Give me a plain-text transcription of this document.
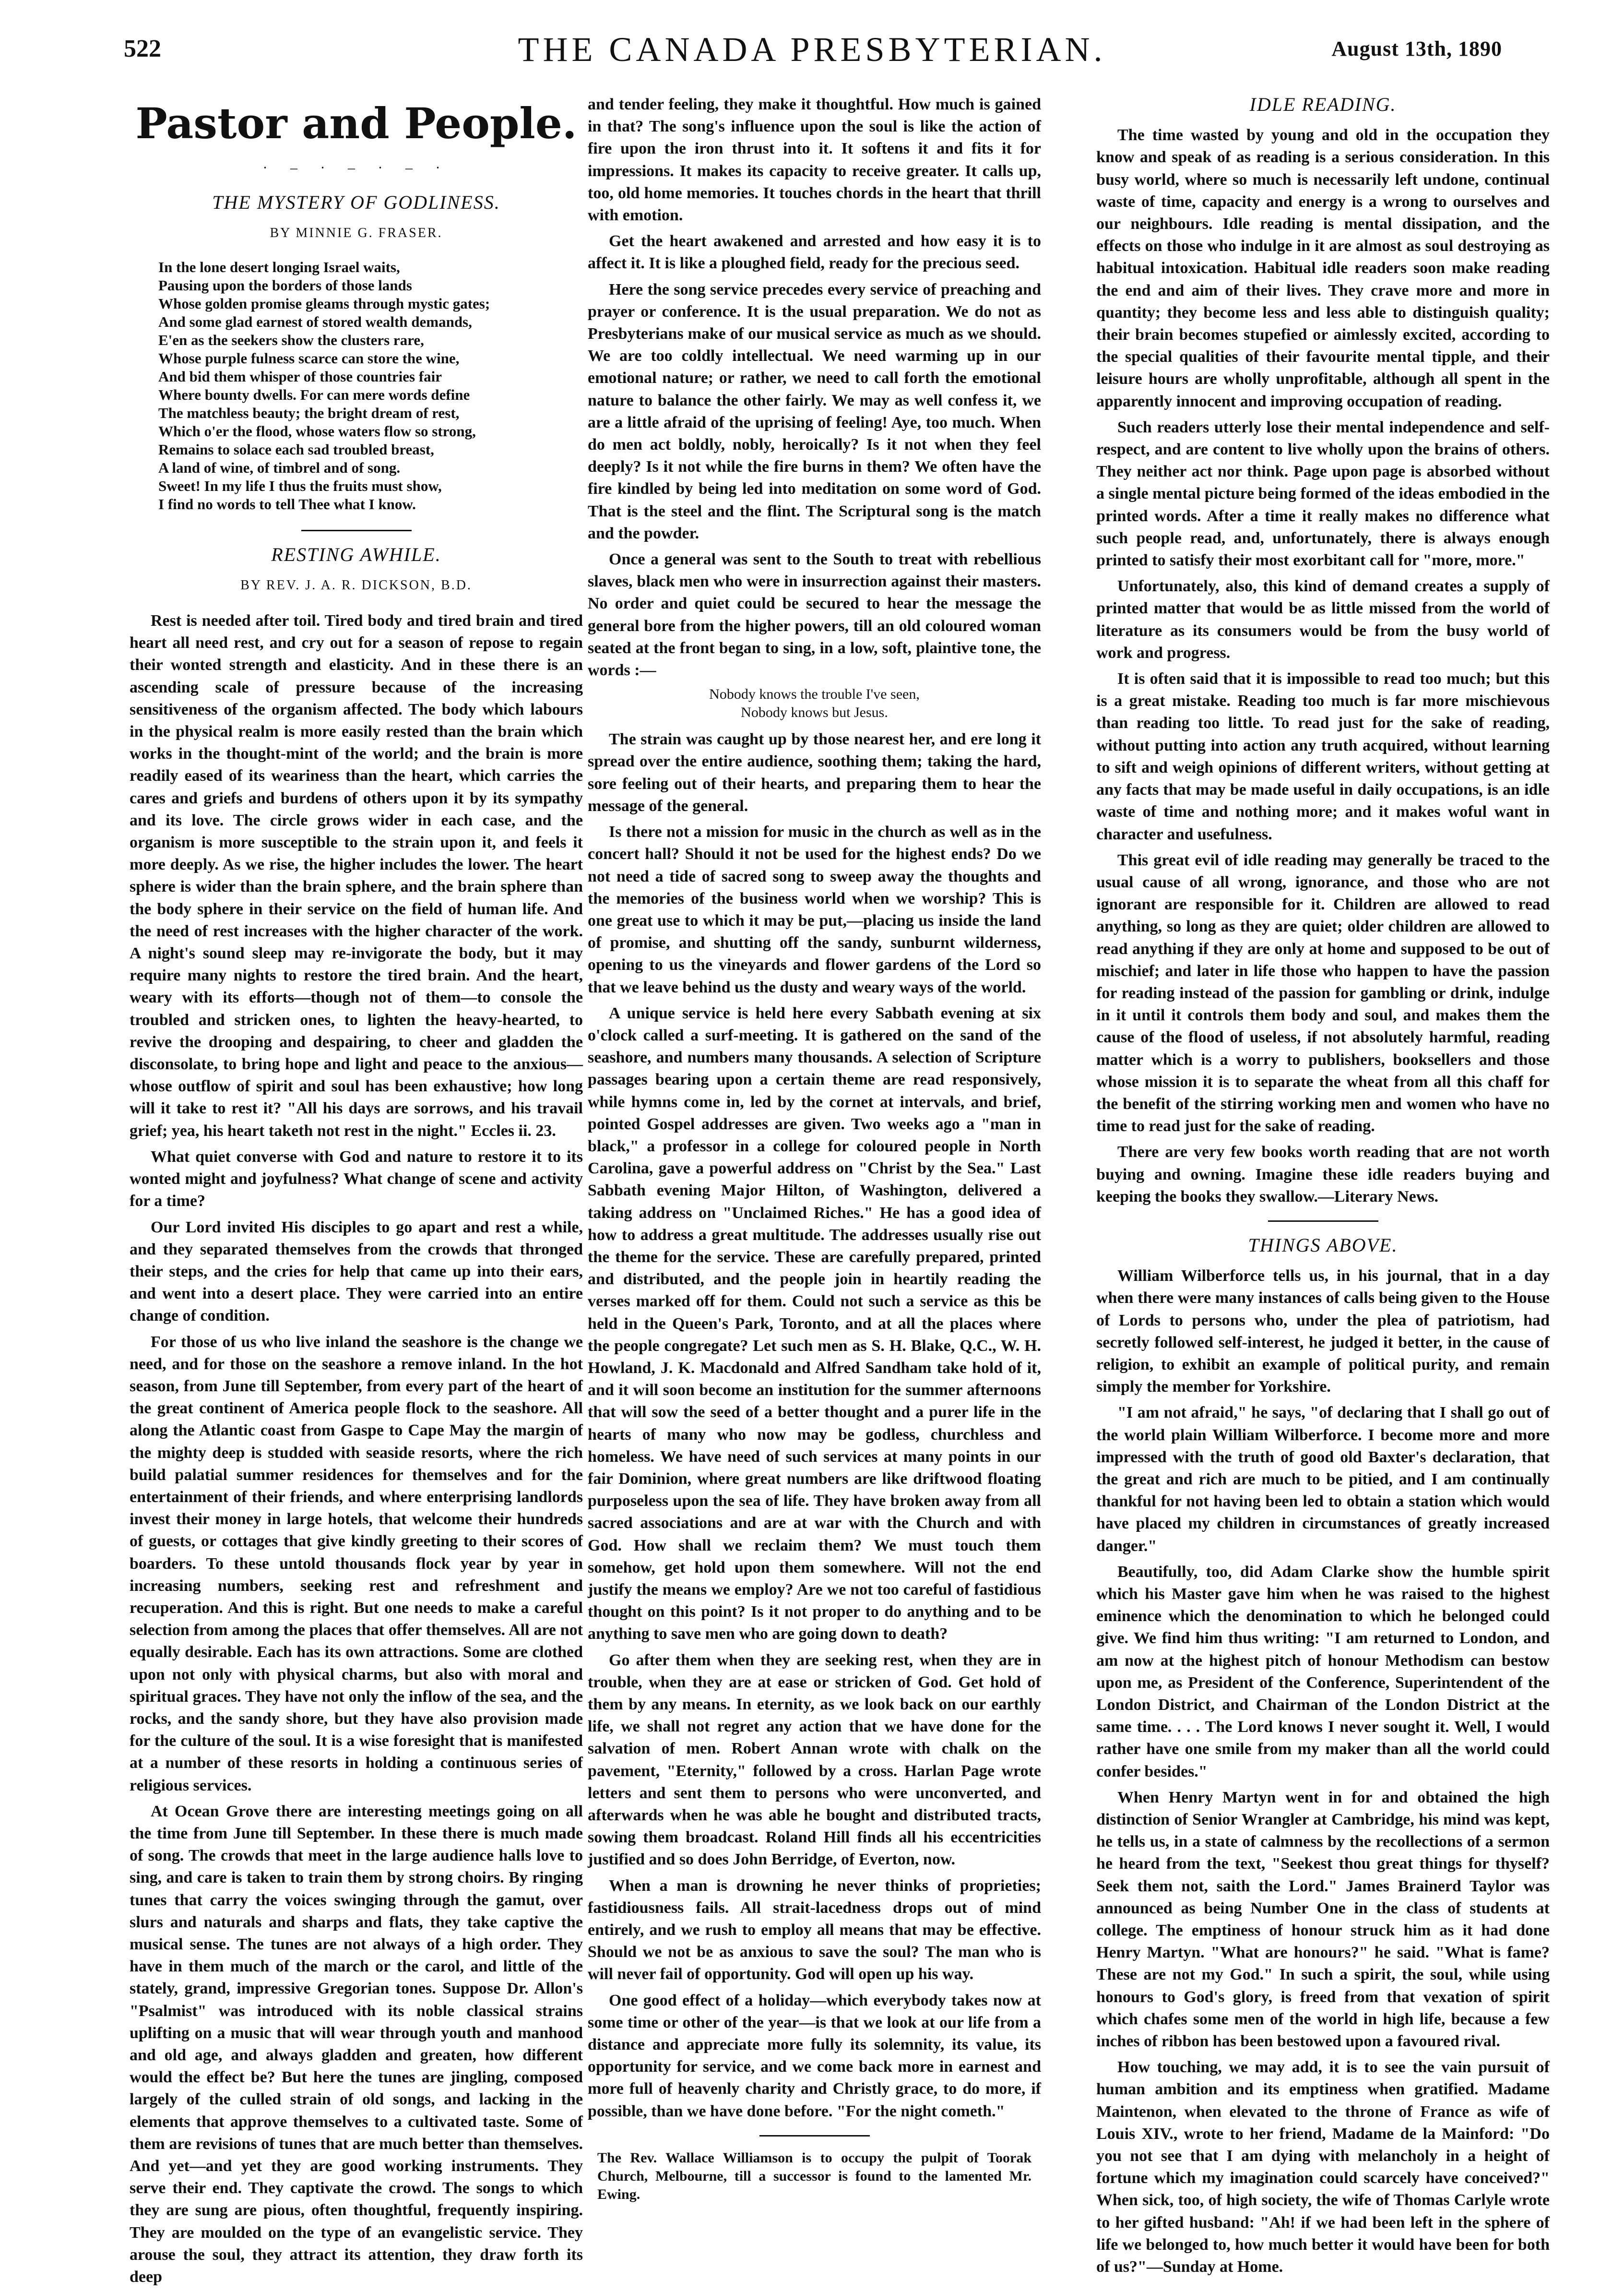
522	THE CANADA PRESBYTERIAN.	August 13th, 1890
Pastor and People.
· – · – · – ·
THE MYSTERY OF GODLINESS.
BY MINNIE G. FRASER.
In the lone desert longing Israel waits,
Pausing upon the borders of those lands
Whose golden promise gleams through mystic gates;
And some glad earnest of stored wealth demands,
E'en as the seekers show the clusters rare,
Whose purple fulness scarce can store the wine,
And bid them whisper of those countries fair
Where bounty dwells. For can mere words define
The matchless beauty; the bright dream of rest,
Which o'er the flood, whose waters flow so strong,
Remains to solace each sad troubled breast,
A land of wine, of timbrel and of song.
Sweet! In my life I thus the fruits must show,
I find no words to tell Thee what I know.
RESTING AWHILE.
BY REV. J. A. R. DICKSON, B.D.

Rest is needed after toil. Tired body and tired brain and tired heart all need rest, and cry out for a season of repose to regain their wonted strength and elasticity. And in these there is an ascending scale of pressure because of the increasing sensitiveness of the organism affected. The body which labours in the physical realm is more easily rested than the brain which works in the thought-mint of the world; and the brain is more readily eased of its weariness than the heart, which carries the cares and griefs and burdens of others upon it by its sympathy and its love. The circle grows wider in each case, and the organism is more susceptible to the strain upon it, and feels it more deeply. As we rise, the higher includes the lower. The heart sphere is wider than the brain sphere, and the brain sphere than the body sphere in their service on the field of human life. And the need of rest increases with the higher character of the work. A night's sound sleep may re-invigorate the body, but it may require many nights to restore the tired brain. And the heart, weary with its efforts—though not of them—to console the troubled and stricken ones, to lighten the heavy-hearted, to revive the drooping and despairing, to cheer and gladden the disconsolate, to bring hope and light and peace to the anxious—whose outflow of spirit and soul has been exhaustive; how long will it take to rest it? "All his days are sorrows, and his travail grief; yea, his heart taketh not rest in the night." Eccles ii. 23.

What quiet converse with God and nature to restore it to its wonted might and joyfulness? What change of scene and activity for a time?

Our Lord invited His disciples to go apart and rest a while, and they separated themselves from the crowds that thronged their steps, and the cries for help that came up into their ears, and went into a desert place. They were carried into an entire change of condition.

For those of us who live inland the seashore is the change we need, and for those on the seashore a remove inland. In the hot season, from June till September, from every part of the heart of the great continent of America people flock to the seashore. All along the Atlantic coast from Gaspe to Cape May the margin of the mighty deep is studded with seaside resorts, where the rich build palatial summer residences for themselves and for the entertainment of their friends, and where enterprising landlords invest their money in large hotels, that welcome their hundreds of guests, or cottages that give kindly greeting to their scores of boarders. To these untold thousands flock year by year in increasing numbers, seeking rest and refreshment and recuperation. And this is right. But one needs to make a careful selection from among the places that offer themselves. All are not equally desirable. Each has its own attractions. Some are clothed upon not only with physical charms, but also with moral and spiritual graces. They have not only the inflow of the sea, and the rocks, and the sandy shore, but they have also provision made for the culture of the soul. It is a wise foresight that is manifested at a number of these resorts in holding a continuous series of religious services.

At Ocean Grove there are interesting meetings going on all the time from June till September. In these there is much made of song. The crowds that meet in the large audience halls love to sing, and care is taken to train them by strong choirs. By ringing tunes that carry the voices swinging through the gamut, over slurs and naturals and sharps and flats, they take captive the musical sense. The tunes are not always of a high order. They have in them much of the march or the carol, and little of the stately, grand, impressive Gregorian tones. Suppose Dr. Allon's "Psalmist" was introduced with its noble classical strains uplifting on a music that will wear through youth and manhood and old age, and always gladden and greaten, how different would the effect be? But here the tunes are jingling, composed largely of the culled strain of old songs, and lacking in the elements that approve themselves to a cultivated taste. Some of them are revisions of tunes that are much better than themselves. And yet—and yet they are good working instruments. They serve their end. They captivate the crowd. The songs to which they are sung are pious, often thoughtful, frequently inspiring. They are moulded on the type of an evangelistic service. They arouse the soul, they attract its attention, they draw forth its deep

and tender feeling, they make it thoughtful. How much is gained in that? The song's influence upon the soul is like the action of fire upon the iron thrust into it. It softens it and fits it for impressions. It makes its capacity to receive greater. It calls up, too, old home memories. It touches chords in the heart that thrill with emotion.

Get the heart awakened and arrested and how easy it is to affect it. It is like a ploughed field, ready for the precious seed.

Here the song service precedes every service of preaching and prayer or conference. It is the usual preparation. We do not as Presbyterians make of our musical service as much as we should. We are too coldly intellectual. We need warming up in our emotional nature; or rather, we need to call forth the emotional nature to balance the other fairly. We may as well confess it, we are a little afraid of the uprising of feeling! Aye, too much. When do men act boldly, nobly, heroically? Is it not when they feel deeply? Is it not while the fire burns in them? We often have the fire kindled by being led into meditation on some word of God. That is the steel and the flint. The Scriptural song is the match and the powder.

Once a general was sent to the South to treat with rebellious slaves, black men who were in insurrection against their masters. No order and quiet could be secured to hear the message the general bore from the higher powers, till an old coloured woman seated at the front began to sing, in a low, soft, plaintive tone, the words :—

Nobody knows the trouble I've seen,
Nobody knows but Jesus.

The strain was caught up by those nearest her, and ere long it spread over the entire audience, soothing them; taking the hard, sore feeling out of their hearts, and preparing them to hear the message of the general.

Is there not a mission for music in the church as well as in the concert hall? Should it not be used for the highest ends? Do we not need a tide of sacred song to sweep away the thoughts and the memories of the business world when we worship? This is one great use to which it may be put,—placing us inside the land of promise, and shutting off the sandy, sunburnt wilderness, opening to us the vineyards and flower gardens of the Lord so that we leave behind us the dusty and weary ways of the world.

A unique service is held here every Sabbath evening at six o'clock called a surf-meeting. It is gathered on the sand of the seashore, and numbers many thousands. A selection of Scripture passages bearing upon a certain theme are read responsively, while hymns come in, led by the cornet at intervals, and brief, pointed Gospel addresses are given. Two weeks ago a "man in black," a professor in a college for coloured people in North Carolina, gave a powerful address on "Christ by the Sea." Last Sabbath evening Major Hilton, of Washington, delivered a taking address on "Unclaimed Riches." He has a good idea of how to address a great multitude. The addresses usually rise out the theme for the service. These are carefully prepared, printed and distributed, and the people join in heartily reading the verses marked off for them. Could not such a service as this be held in the Queen's Park, Toronto, and at all the places where the people congregate? Let such men as S. H. Blake, Q.C., W. H. Howland, J. K. Macdonald and Alfred Sandham take hold of it, and it will soon become an institution for the summer afternoons that will sow the seed of a better thought and a purer life in the hearts of many who now may be godless, churchless and homeless. We have need of such services at many points in our fair Dominion, where great numbers are like driftwood floating purposeless upon the sea of life. They have broken away from all sacred associations and are at war with the Church and with God. How shall we reclaim them? We must touch them somehow, get hold upon them somewhere. Will not the end justify the means we employ? Are we not too careful of fastidious thought on this point? Is it not proper to do anything and to be anything to save men who are going down to death?

Go after them when they are seeking rest, when they are in trouble, when they are at ease or stricken of God. Get hold of them by any means. In eternity, as we look back on our earthly life, we shall not regret any action that we have done for the salvation of men. Robert Annan wrote with chalk on the pavement, "Eternity," followed by a cross. Harlan Page wrote letters and sent them to persons who were unconverted, and afterwards when he was able he bought and distributed tracts, sowing them broadcast. Roland Hill finds all his eccentricities justified and so does John Berridge, of Everton, now.

When a man is drowning he never thinks of proprieties; fastidiousness fails. All strait-lacedness drops out of mind entirely, and we rush to employ all means that may be effective. Should we not be as anxious to save the soul? The man who is will never fail of opportunity. God will open up his way.

One good effect of a holiday—which everybody takes now at some time or other of the year—is that we look at our life from a distance and appreciate more fully its solemnity, its value, its opportunity for service, and we come back more in earnest and more full of heavenly charity and Christly grace, to do more, if possible, than we have done before. "For the night cometh."

The Rev. Wallace Williamson is to occupy the pulpit of Toorak Church, Melbourne, till a successor is found to the lamented Mr. Ewing.
IDLE READING.

The time wasted by young and old in the occupation they know and speak of as reading is a serious consideration. In this busy world, where so much is necessarily left undone, continual waste of time, capacity and energy is a wrong to ourselves and our neighbours. Idle reading is mental dissipation, and the effects on those who indulge in it are almost as soul destroying as habitual intoxication. Habitual idle readers soon make reading the end and aim of their lives. They crave more and more in quantity; they become less and less able to distinguish quality; their brain becomes stupefied or aimlessly excited, according to the special qualities of their favourite mental tipple, and their leisure hours are wholly unprofitable, although all spent in the apparently innocent and improving occupation of reading.

Such readers utterly lose their mental independence and self-respect, and are content to live wholly upon the brains of others. They neither act nor think. Page upon page is absorbed without a single mental picture being formed of the ideas embodied in the printed words. After a time it really makes no difference what such people read, and, unfortunately, there is always enough printed to satisfy their most exorbitant call for "more, more."

Unfortunately, also, this kind of demand creates a supply of printed matter that would be as little missed from the world of literature as its consumers would be from the busy world of work and progress.

It is often said that it is impossible to read too much; but this is a great mistake. Reading too much is far more mischievous than reading too little. To read just for the sake of reading, without putting into action any truth acquired, without learning to sift and weigh opinions of different writers, without getting at any facts that may be made useful in daily occupations, is an idle waste of time and nothing more; and it makes woful want in character and usefulness.

This great evil of idle reading may generally be traced to the usual cause of all wrong, ignorance, and those who are not ignorant are responsible for it. Children are allowed to read anything, so long as they are quiet; older children are allowed to read anything if they are only at home and supposed to be out of mischief; and later in life those who happen to have the passion for reading instead of the passion for gambling or drink, indulge in it until it controls them body and soul, and makes them the cause of the flood of useless, if not absolutely harmful, reading matter which is a worry to publishers, booksellers and those whose mission it is to separate the wheat from all this chaff for the benefit of the stirring working men and women who have no time to read just for the sake of reading.

There are very few books worth reading that are not worth buying and owning. Imagine these idle readers buying and keeping the books they swallow.—Literary News.

THINGS ABOVE.

William Wilberforce tells us, in his journal, that in a day when there were many instances of calls being given to the House of Lords to persons who, under the plea of patriotism, had secretly followed self-interest, he judged it better, in the cause of religion, to exhibit an example of political purity, and remain simply the member for Yorkshire.

"I am not afraid," he says, "of declaring that I shall go out of the world plain William Wilberforce. I become more and more impressed with the truth of good old Baxter's declaration, that the great and rich are much to be pitied, and I am continually thankful for not having been led to obtain a station which would have placed my children in circumstances of greatly increased danger."

Beautifully, too, did Adam Clarke show the humble spirit which his Master gave him when he was raised to the highest eminence which the denomination to which he belonged could give. We find him thus writing: "I am returned to London, and am now at the highest pitch of honour Methodism can bestow upon me, as President of the Conference, Superintendent of the London District, and Chairman of the London District at the same time. . . . The Lord knows I never sought it. Well, I would rather have one smile from my maker than all the world could confer besides."

When Henry Martyn went in for and obtained the high distinction of Senior Wrangler at Cambridge, his mind was kept, he tells us, in a state of calmness by the recollections of a sermon he heard from the text, "Seekest thou great things for thyself? Seek them not, saith the Lord." James Brainerd Taylor was announced as being Number One in the class of students at college. The emptiness of honour struck him as it had done Henry Martyn. "What are honours?" he said. "What is fame? These are not my God." In such a spirit, the soul, while using honours to God's glory, is freed from that vexation of spirit which chafes some men of the world in high life, because a few inches of ribbon has been bestowed upon a favoured rival.

How touching, we may add, it is to see the vain pursuit of human ambition and its emptiness when gratified. Madame Maintenon, when elevated to the throne of France as wife of Louis XIV., wrote to her friend, Madame de la Mainford: "Do you not see that I am dying with melancholy in a height of fortune which my imagination could scarcely have conceived?" When sick, too, of high society, the wife of Thomas Carlyle wrote to her gifted husband: "Ah! if we had been left in the sphere of life we belonged to, how much better it would have been for both of us?"—Sunday at Home.
